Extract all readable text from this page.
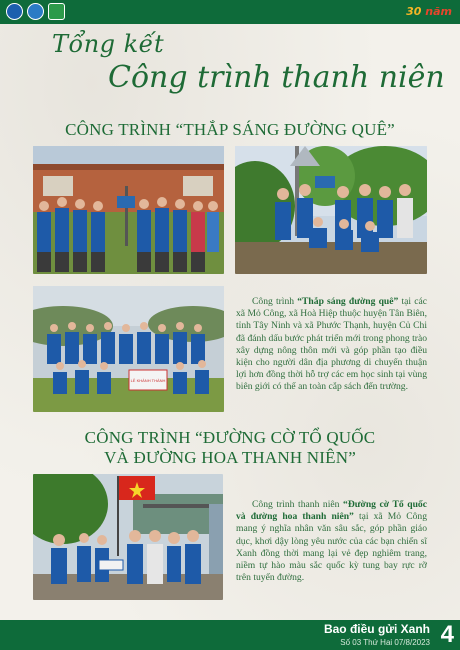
30 năm
Tổng kết
Công trình thanh niên
CÔNG TRÌNH “THẮP SÁNG ĐƯỜNG QUÊ”
LỄ KHÁNH THÀNH

Công trình “Thắp sáng đường quê” tại các xã Mỏ Công, xã Hoà Hiệp thuộc huyện Tân Biên, tỉnh Tây Ninh và xã Phước Thạnh, huyện Củ Chi đã đánh dấu bước phát triển mới trong phong trào xây dựng nông thôn mới và góp phần tạo điều kiện cho người dân địa phương di chuyển thuận lợi hơn đồng thời hỗ trợ các em học sinh tại vùng biên giới có thể an toàn cắp sách đến trường.

CÔNG TRÌNH “ĐƯỜNG CỜ TỔ QUỐC
VÀ ĐƯỜNG HOA THANH NIÊN”

Công trình thanh niên “Đường cờ Tổ quốc và đường hoa thanh niên” tại xã Mỏ Công mang ý nghĩa nhân văn sâu sắc, góp phần giáo dục, khơi dậy lòng yêu nước của các bạn chiến sĩ Xanh đồng thời mang lại vẻ đẹp nghiêm trang, niềm tự hào màu sắc quốc kỳ tung bay rực rỡ trên tuyến đường.

Bao điều gửi Xanh
Số 03 Thứ Hai 07/8/2023 4
